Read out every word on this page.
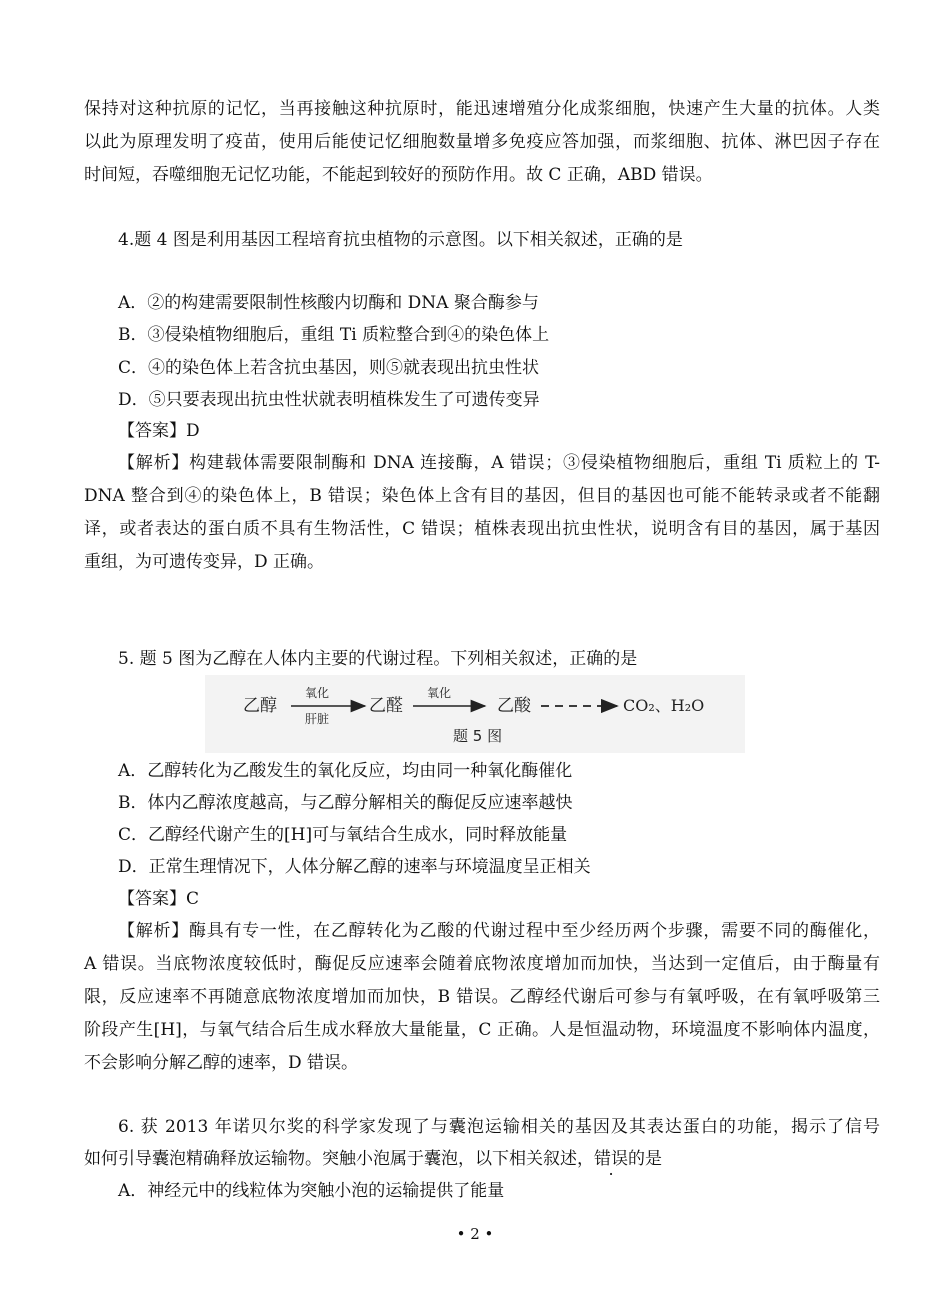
保持对这种抗原的记忆，当再接触这种抗原时，能迅速增殖分化成浆细胞，快速产生大量的抗体。人类
以此为原理发明了疫苗，使用后能使记忆细胞数量增多免疫应答加强，而浆细胞、抗体、淋巴因子存在
时间短，吞噬细胞无记忆功能，不能起到较好的预防作用。故 C 正确，ABD 错误。
4.题 4 图是利用基因工程培育抗虫植物的示意图。以下相关叙述，正确的是
A．②的构建需要限制性核酸内切酶和 DNA 聚合酶参与
B．③侵染植物细胞后，重组 Ti 质粒整合到④的染色体上
C．④的染色体上若含抗虫基因，则⑤就表现出抗虫性状
D．⑤只要表现出抗虫性状就表明植株发生了可遗传变异
【答案】D
【解析】构建载体需要限制酶和 DNA 连接酶，A 错误；③侵染植物细胞后，重组 Ti 质粒上的 T-
DNA 整合到④的染色体上，B 错误；染色体上含有目的基因，但目的基因也可能不能转录或者不能翻
译，或者表达的蛋白质不具有生物活性，C 错误；植株表现出抗虫性状，说明含有目的基因，属于基因
重组，为可遗传变异，D 正确。
5. 题 5 图为乙醇在人体内主要的代谢过程。下列相关叙述，正确的是
乙醇
氧化
肝脏
乙醛
氧化
乙酸	CO₂、H₂O
题 5 图
A．乙醇转化为乙酸发生的氧化反应，均由同一种氧化酶催化
B．体内乙醇浓度越高，与乙醇分解相关的酶促反应速率越快
C．乙醇经代谢产生的[H]可与氧结合生成水，同时释放能量
D．正常生理情况下，人体分解乙醇的速率与环境温度呈正相关
【答案】C
【解析】酶具有专一性，在乙醇转化为乙酸的代谢过程中至少经历两个步骤，需要不同的酶催化，
A 错误。当底物浓度较低时，酶促反应速率会随着底物浓度增加而加快，当达到一定值后，由于酶量有
限，反应速率不再随意底物浓度增加而加快，B 错误。乙醇经代谢后可参与有氧呼吸，在有氧呼吸第三
阶段产生[H]，与氧气结合后生成水释放大量能量，C 正确。人是恒温动物，环境温度不影响体内温度，
不会影响分解乙醇的速率，D 错误。
6. 获 2013 年诺贝尔奖的科学家发现了与囊泡运输相关的基因及其表达蛋白的功能，揭示了信号
如何引导囊泡精确释放运输物。突触小泡属于囊泡，以下相关叙述，错误的是
A．神经元中的线粒体为突触小泡的运输提供了能量
• 2 •
